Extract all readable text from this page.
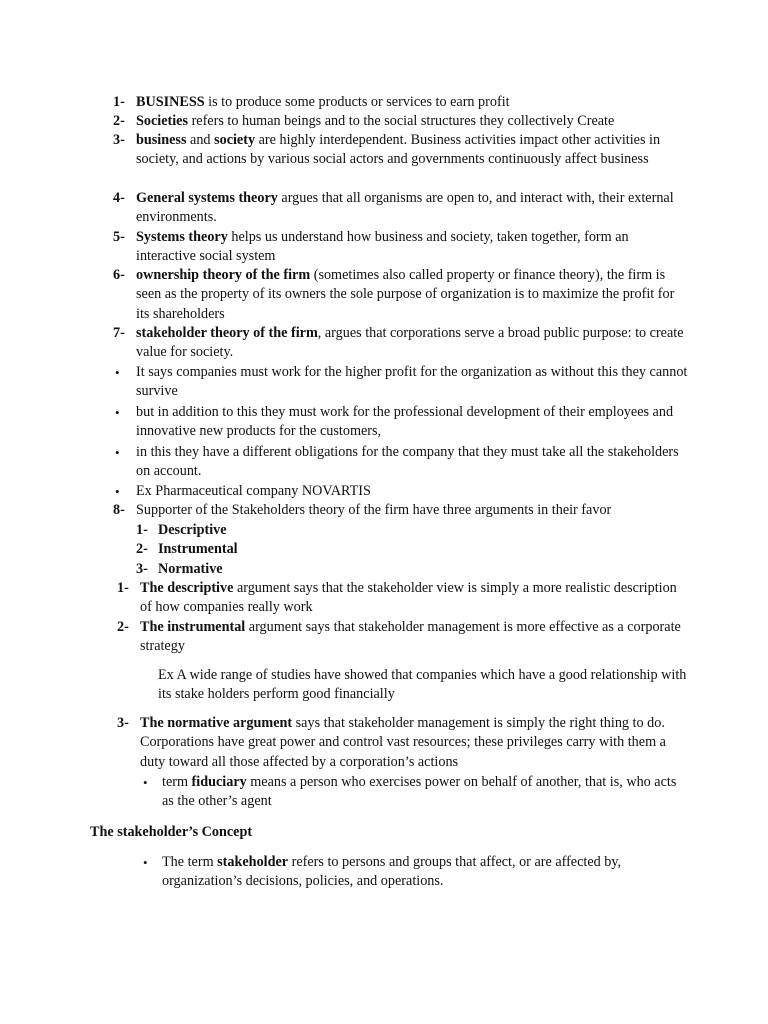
1- BUSINESS is to produce some products or services to earn profit

2- Societies refers to human beings and to the social structures they collectively Create

3- business and society are highly interdependent. Business activities impact other activities in society, and actions by various social actors and governments continuously affect business

4- General systems theory argues that all organisms are open to, and interact with, their external environments.

5- Systems theory helps us understand how business and society, taken together, form an interactive social system

6- ownership theory of the firm (sometimes also called property or finance theory), the firm is seen as the property of its owners the sole purpose of organization is to maximize the profit for its shareholders

7- stakeholder theory of the firm, argues that corporations serve a broad public purpose: to create value for society.

• It says companies must work for the higher profit for the organization as without this they cannot survive

• but in addition to this they must work for the professional development of their employees and innovative new products for the customers,

• in this they have a different obligations for the company that they must take all the stakeholders on account.

• Ex Pharmaceutical company NOVARTIS

8- Supporter of the Stakeholders theory of the firm have three arguments in their favor

1- Descriptive

2- Instrumental

3- Normative

1- The descriptive argument says that the stakeholder view is simply a more realistic description of how companies really work

2- The instrumental argument says that stakeholder management is more effective as a corporate strategy

Ex A wide range of studies have showed that companies which have a good relationship with its stake holders perform good financially

3- The normative argument says that stakeholder management is simply the right thing to do. Corporations have great power and control vast resources; these privileges carry with them a duty toward all those affected by a corporation’s actions

• term fiduciary means a person who exercises power on behalf of another, that is, who acts as the other’s agent

• The term stakeholder refers to persons and groups that affect, or are affected by, organization’s decisions, policies, and operations.

The stakeholder’s Concept
